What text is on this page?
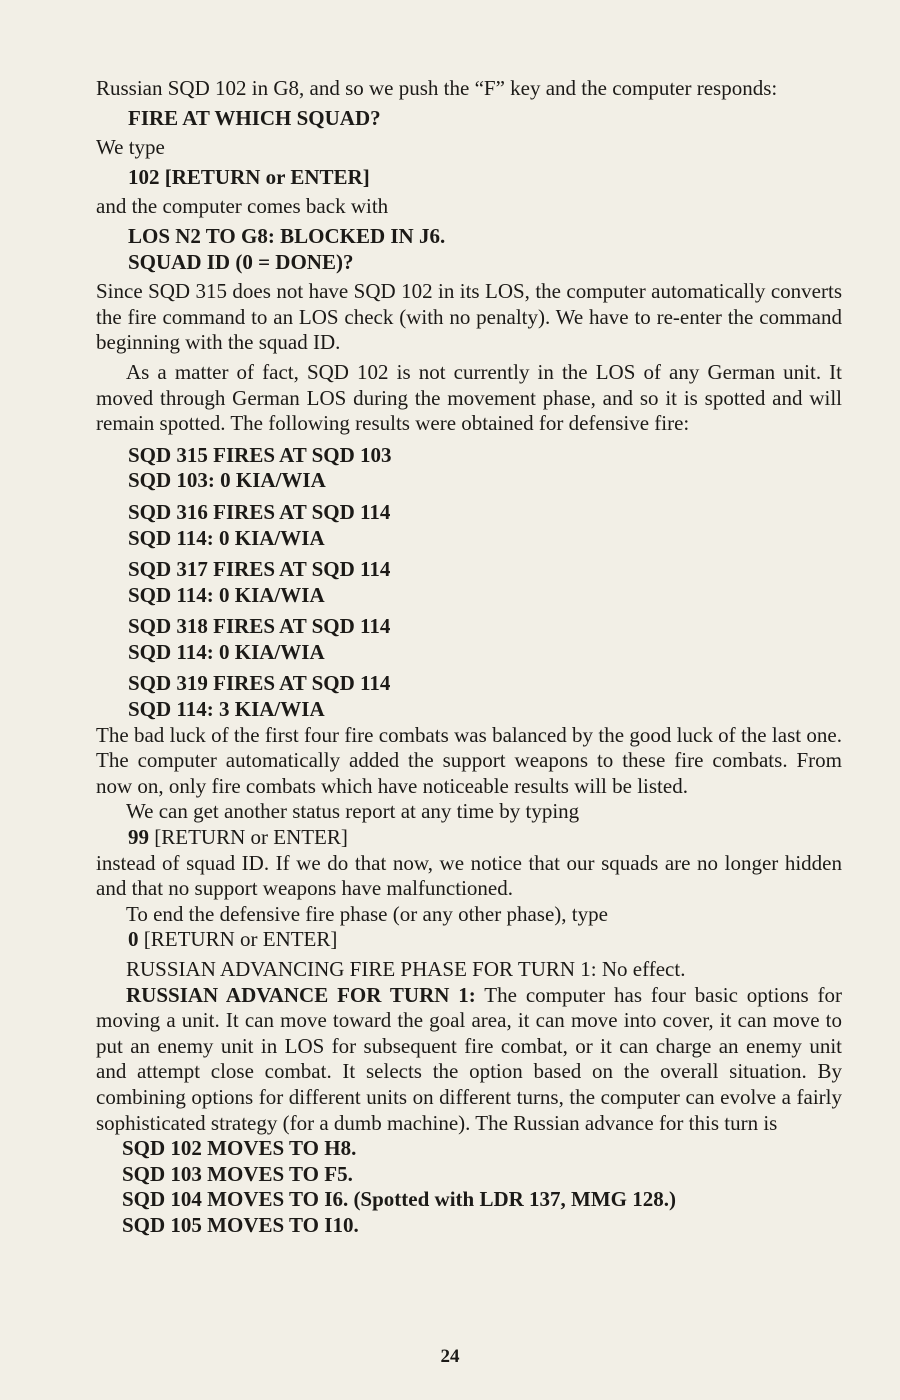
Russian SQD 102 in G8, and so we push the “F” key and the computer responds:

FIRE AT WHICH SQUAD?

We type

102 [RETURN or ENTER]

and the computer comes back with

LOS N2 TO G8: BLOCKED IN J6.

SQUAD ID (0 = DONE)?

Since SQD 315 does not have SQD 102 in its LOS, the computer automatically converts the fire command to an LOS check (with no penalty). We have to re-enter the command beginning with the squad ID.

As a matter of fact, SQD 102 is not currently in the LOS of any German unit. It moved through German LOS during the movement phase, and so it is spotted and will remain spotted. The following results were obtained for defensive fire:

SQD 315 FIRES AT SQD 103

SQD 103: 0 KIA/WIA

SQD 316 FIRES AT SQD 114

SQD 114: 0 KIA/WIA

SQD 317 FIRES AT SQD 114

SQD 114: 0 KIA/WIA

SQD 318 FIRES AT SQD 114

SQD 114: 0 KIA/WIA

SQD 319 FIRES AT SQD 114

SQD 114: 3 KIA/WIA

The bad luck of the first four fire combats was balanced by the good luck of the last one. The computer automatically added the support weapons to these fire combats. From now on, only fire combats which have noticeable results will be listed.

We can get another status report at any time by typing

99 [RETURN or ENTER]

instead of squad ID. If we do that now, we notice that our squads are no longer hidden and that no support weapons have malfunctioned.

To end the defensive fire phase (or any other phase), type

0 [RETURN or ENTER]

RUSSIAN ADVANCING FIRE PHASE FOR TURN 1: No effect.

RUSSIAN ADVANCE FOR TURN 1: The computer has four basic options for moving a unit. It can move toward the goal area, it can move into cover, it can move to put an enemy unit in LOS for subsequent fire combat, or it can charge an enemy unit and attempt close combat. It selects the option based on the overall situation. By combining options for different units on different turns, the computer can evolve a fairly sophisticated strategy (for a dumb machine). The Russian advance for this turn is

SQD 102 MOVES TO H8.

SQD 103 MOVES TO F5.

SQD 104 MOVES TO I6. (Spotted with LDR 137, MMG 128.)

SQD 105 MOVES TO I10.

24
